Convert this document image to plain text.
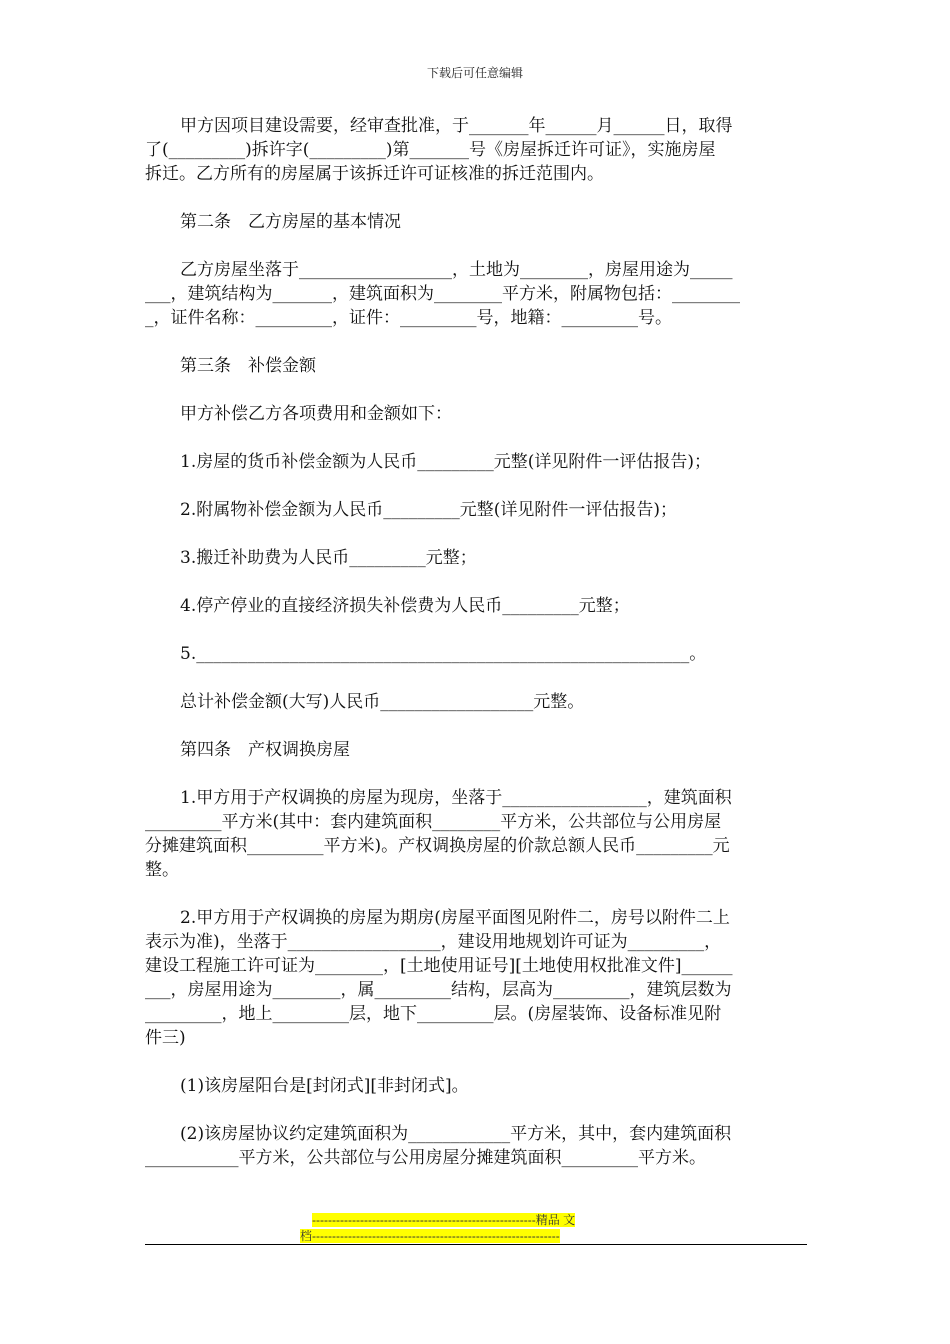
下载后可任意编辑
甲方因项目建设需要，经审查批准，于_______年______月______日，取得
了(_________)拆许字(_________)第_______号《房屋拆迁许可证》，实施房屋
拆迁。乙方所有的房屋属于该拆迁许可证核准的拆迁范围内。
第二条　乙方房屋的基本情况
乙方房屋坐落于__________________，土地为________，房屋用途为_____
___，建筑结构为_______，建筑面积为________平方米，附属物包括：________
_，证件名称：_________，证件：_________号，地籍：_________号。
第三条　补偿金额
甲方补偿乙方各项费用和金额如下：
1.房屋的货币补偿金额为人民币_________元整(详见附件一评估报告)；
2.附属物补偿金额为人民币_________元整(详见附件一评估报告)；
3.搬迁补助费为人民币_________元整；
4.停产停业的直接经济损失补偿费为人民币_________元整；
5.__________________________________________________________。
总计补偿金额(大写)人民币__________________元整。
第四条　产权调换房屋
1.甲方用于产权调换的房屋为现房，坐落于_________________，建筑面积
_________平方米(其中：套内建筑面积________平方米，公共部位与公用房屋
分摊建筑面积_________平方米)。产权调换房屋的价款总额人民币_________元
整。
2.甲方用于产权调换的房屋为期房(房屋平面图见附件二，房号以附件二上
表示为准)，坐落于__________________，建设用地规划许可证为_________，
建设工程施工许可证为________，[土地使用证号][土地使用权批准文件]______
___，房屋用途为________，属_________结构，层高为_________，建筑层数为
_________，地上_________层，地下_________层。(房屋装饰、设备标准见附
件三)
(1)该房屋阳台是[封闭式][非封闭式]。
(2)该房屋协议约定建筑面积为____________平方米，其中，套内建筑面积
___________平方米，公共部位与公用房屋分摊建筑面积_________平方米。
--------------------------------------------------------精品 文
档--------------------------------------------------------------
